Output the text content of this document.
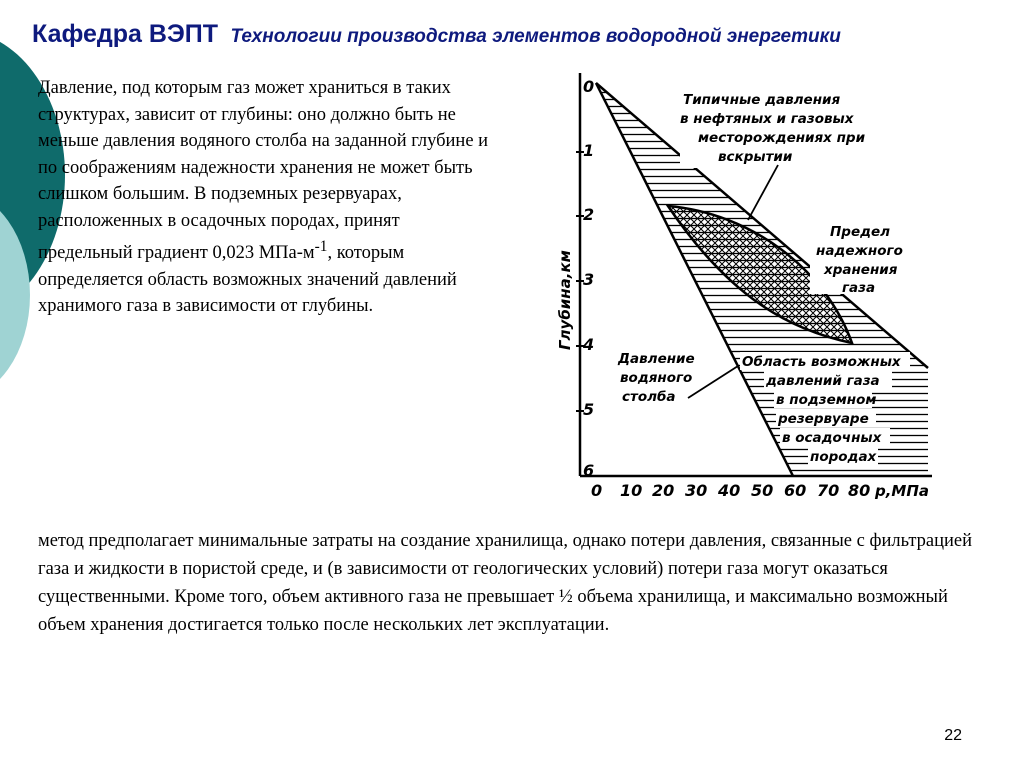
Кафедра ВЭПТ Технологии производства элементов водородной энергетики
Давление, под которым газ может храниться в таких структурах, зависит от глубины: оно должно быть не меньше давления водяного столба на заданной глубине и по соображениям надежности хранения не может быть слишком большим. В подземных резервуарах, расположенных в осадочных породах, принят предельный градиент 0,023 МПа-$м^{-1}$, которым определяется область возможных значений давлений хранимого газа в зависимости от глубины.
0
1
2
3
4
5
6
Глубина,км
0 10 20 30 40 50 60 70 80 р,МПа
Типичные давления
в нефтяных и газовых
месторождениях при
вскрытии
Предел
надежного
хранения
газа
Давление
водяного
столба
Область возможных
давлений газа
в подземном
резервуаре
в осадочных
породах
метод предполагает минимальные затраты на создание хранилища, однако потери давления, связанные с фильтрацией газа и жидкости в пористой среде, и (в зависимости от геологических условий) потери газа могут оказаться существенными. Кроме того, объем активного газа не превышает ½ объема хранилища, и максимально возможный объем хранения достигается только после нескольких лет эксплуатации.
22
